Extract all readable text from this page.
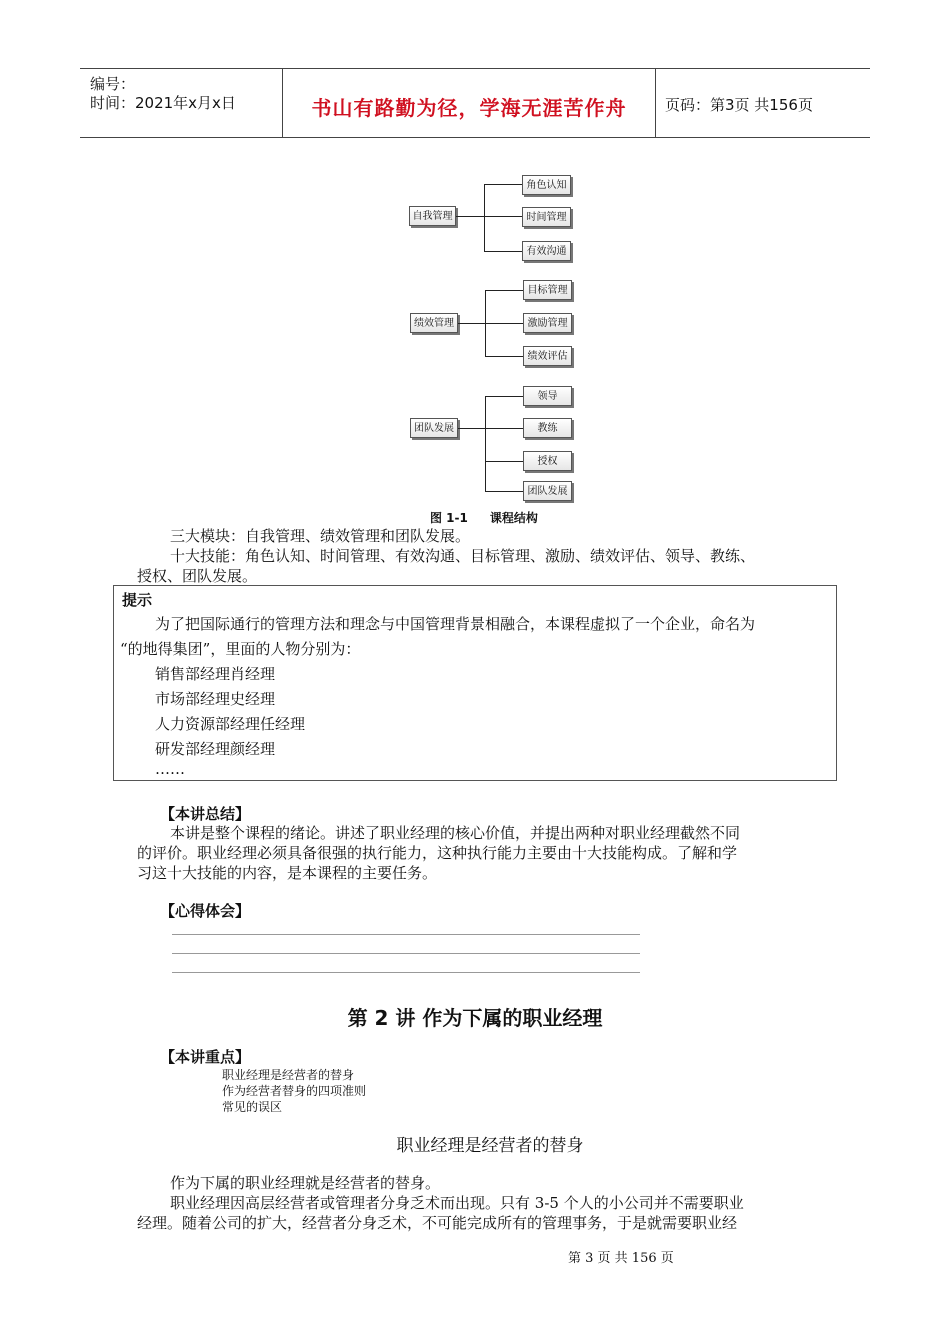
编号：
时间：2021年x月x日	书山有路勤为径，学海无涯苦作舟	页码：第3页 共156页
自我管理
角色认知
时间管理
有效沟通
绩效管理
目标管理
激励管理
绩效评估
团队发展
领导
教练
授权
团队发展
图 1-1 课程结构
三大模块：自我管理、绩效管理和团队发展。
十大技能：角色认知、时间管理、有效沟通、目标管理、激励、绩效评估、领导、教练、
授权、团队发展。
提示
为了把国际通行的管理方法和理念与中国管理背景相融合，本课程虚拟了一个企业，命名为
“的地得集团”，里面的人物分别为：
销售部经理肖经理
市场部经理史经理
人力资源部经理任经理
研发部经理颜经理
……
【本讲总结】
本讲是整个课程的绪论。讲述了职业经理的核心价值，并提出两种对职业经理截然不同
的评价。职业经理必须具备很强的执行能力，这种执行能力主要由十大技能构成。了解和学
习这十大技能的内容，是本课程的主要任务。
【心得体会】
第 2 讲 作为下属的职业经理
【本讲重点】
职业经理是经营者的替身
作为经营者替身的四项准则
常见的误区
职业经理是经营者的替身
作为下属的职业经理就是经营者的替身。
职业经理因高层经营者或管理者分身乏术而出现。只有 3-5 个人的小公司并不需要职业
经理。随着公司的扩大，经营者分身乏术，不可能完成所有的管理事务，于是就需要职业经
第 3 页 共 156 页
